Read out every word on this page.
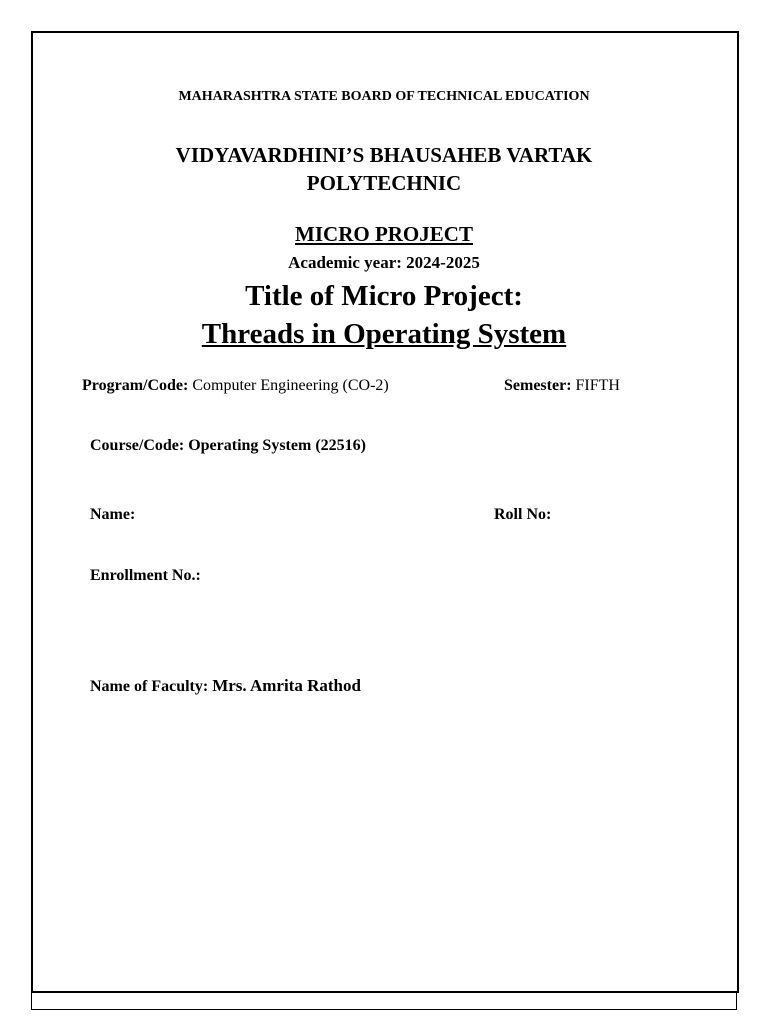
MAHARASHTRA STATE BOARD OF TECHNICAL EDUCATION
VIDYAVARDHINI’S BHAUSAHEB VARTAK
POLYTECHNIC
MICRO PROJECT
Academic year: 2024-2025
Title of Micro Project:
Threads in Operating System
Program/Code: Computer Engineering (CO-2)	Semester: FIFTH
Course/Code: Operating System (22516)
Name:	Roll No:
Enrollment No.:
Name of Faculty: Mrs. Amrita Rathod
